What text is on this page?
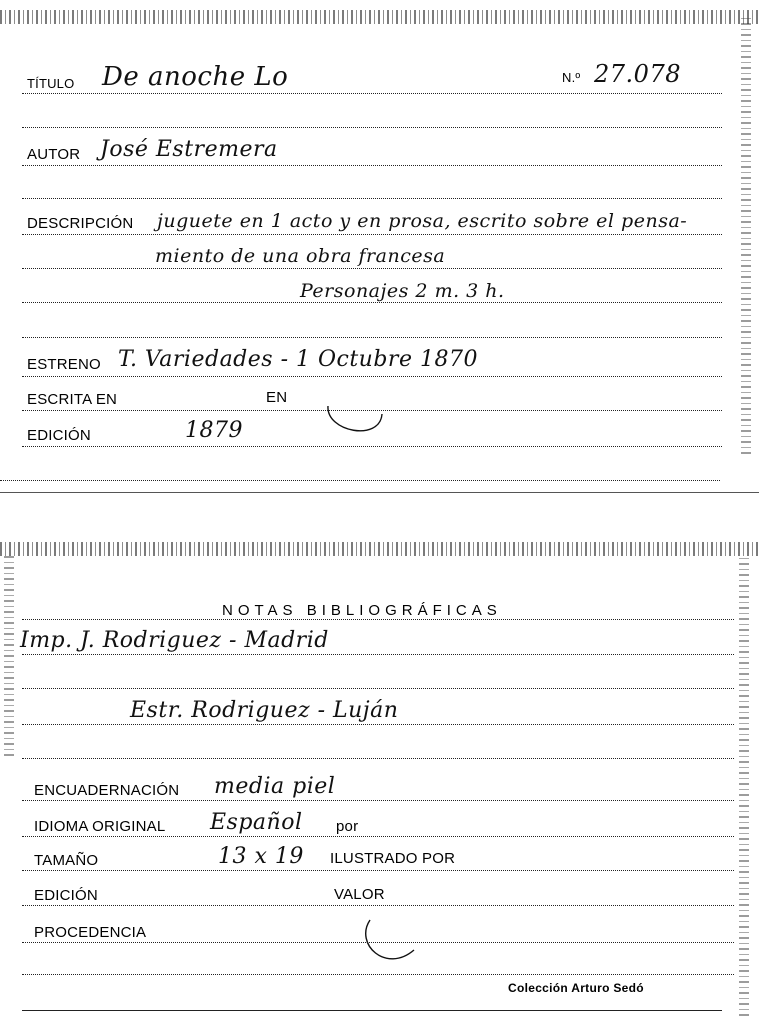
TÍTULO De anoche Lo	N.º 27.078
AUTOR José Estremera
DESCRIPCIÓN juguete en 1 acto y en prosa, escrito sobre el pensa-
miento de una obra francesa
Personajes 2 m. 3 h.
ESTRENO T. Variedades - 1 Octubre 1870
ESCRITA EN	EN
EDICIÓN	1879
NOTAS BIBLIOGRÁFICAS
Imp. J. Rodriguez - Madrid
Estr. Rodriguez - Luján
ENCUADERNACIÓN media piel
IDIOMA ORIGINAL Español por
TAMAÑO	13 x 19 ILUSTRADO POR
EDICIÓN	VALOR
PROCEDENCIA
Colección Arturo Sedó
